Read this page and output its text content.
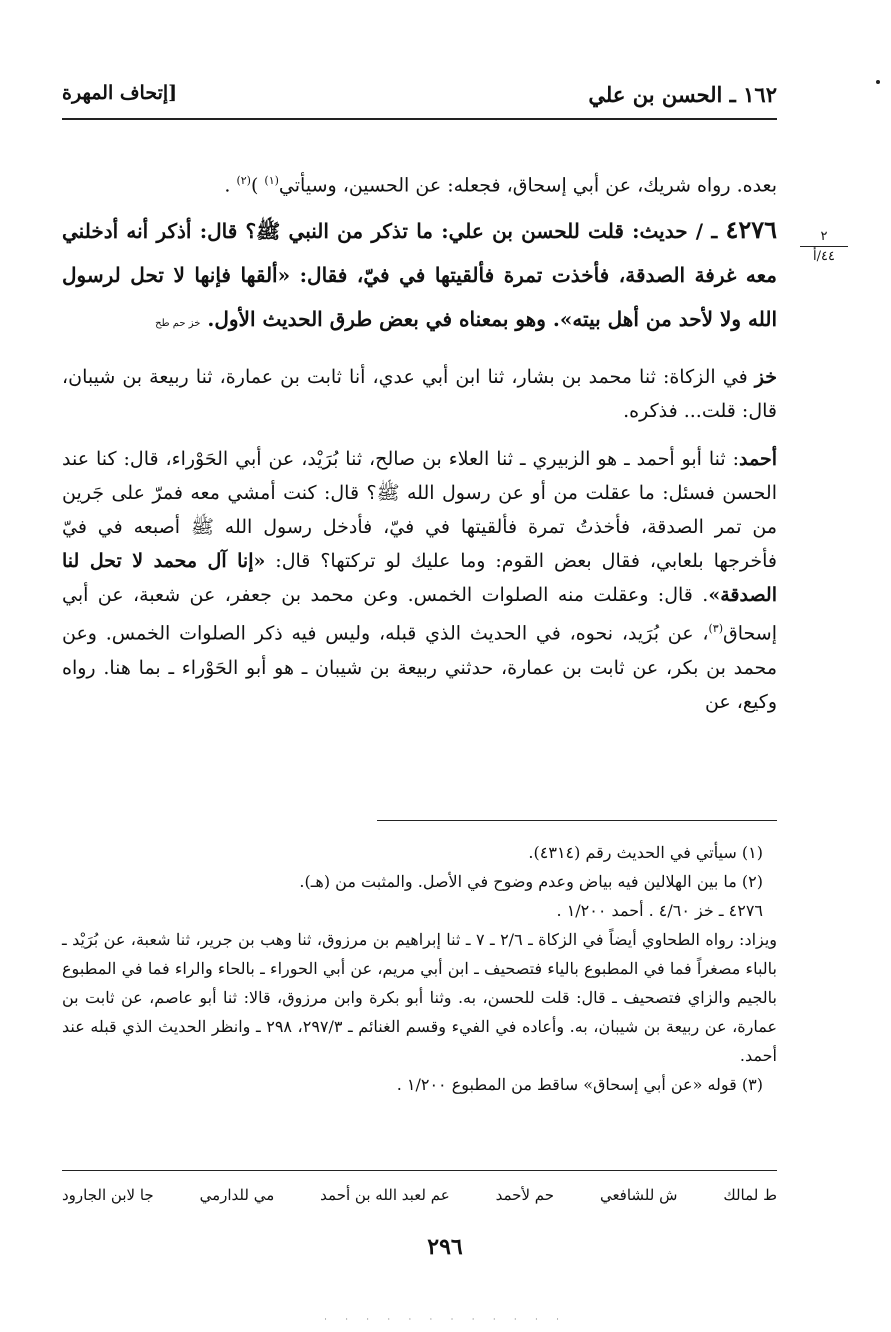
١٦٢ ـ الحسن بن علي
[إتحاف المهرة
٢
٤٤/أ

بعده. رواه شريك، عن أبي إسحاق، فجعله: عن الحسين، وسيأتي$^{(١)}$ )$^{(٢)}$ .

٤٢٧٦ ـ / حديث: قلت للحسن بن علي: ما تذكر من النبي ﷺ؟ قال: أذكر أنه أدخلني معه غرفة الصدقة، فأخذت تمرة فألقيتها في فيّ، فقال: «ألقها فإنها لا تحل لرسول الله ولا لأحد من أهل بيته». وهو بمعناه في بعض طرق الحديث الأول. خز حم طح

خز في الزكاة: ثنا محمد بن بشار، ثنا ابن أبي عدي، أنا ثابت بن عمارة، ثنا ربيعة بن شيبان، قال: قلت... فذكره.

أحمد: ثنا أبو أحمد ـ هو الزبيري ـ ثنا العلاء بن صالح، ثنا بُرَيْد، عن أبي الحَوْراء، قال: كنا عند الحسن فسئل: ما عقلت من أو عن رسول الله ﷺ؟ قال: كنت أمشي معه فمرّ على جَرين من تمر الصدقة، فأخذتُ تمرة فألقيتها في فيّ، فأدخل رسول الله ﷺ أصبعه في فيّ فأخرجها بلعابي، فقال بعض القوم: وما عليك لو تركتها؟ قال: «إنا آل محمد لا تحل لنا الصدقة». قال: وعقلت منه الصلوات الخمس. وعن محمد بن جعفر، عن شعبة، عن أبي إسحاق$^{(٣)}$، عن بُرَيد، نحوه، في الحديث الذي قبله، وليس فيه ذكر الصلوات الخمس. وعن محمد بن بكر، عن ثابت بن عمارة، حدثني ربيعة بن شيبان ـ هو أبو الحَوْراء ـ بما هنا. رواه وكيع، عن

(١) سيأتي في الحديث رقم (٤٣١٤).

(٢) ما بين الهلالين فيه بياض وعدم وضوح في الأصل. والمثبت من (هـ).

٤٢٧٦ ـ خز ٤/٦٠ . أحمد ١/٢٠٠ .

ويزاد: رواه الطحاوي أيضاً في الزكاة ـ ٢/٦ ـ ٧ ـ ثنا إبراهيم بن مرزوق، ثنا وهب بن جرير، ثنا شعبة، عن بُرَيْد ـ بالباء مصغراً فما في المطبوع بالياء فتصحيف ـ ابن أبي مريم، عن أبي الحوراء ـ بالحاء والراء فما في المطبوع بالجيم والزاي فتصحيف ـ قال: قلت للحسن، به. وثنا أبو بكرة وابن مرزوق، قالا: ثنا أبو عاصم، عن ثابت بن عمارة، عن ربيعة بن شيبان، به. وأعاده في الفيء وقسم الغنائم ـ ٢٩٧/٣، ٢٩٨ ـ وانظر الحديث الذي قبله عند أحمد.

(٣) قوله «عن أبي إسحاق» ساقط من المطبوع ١/٢٠٠ .

ط لمالك
ش للشافعي
حم لأحمد
عم لعبد الله بن أحمد
مي للدارمي
جا لابن الجارود
٢٩٦
· · · · · · · · · · · ·
